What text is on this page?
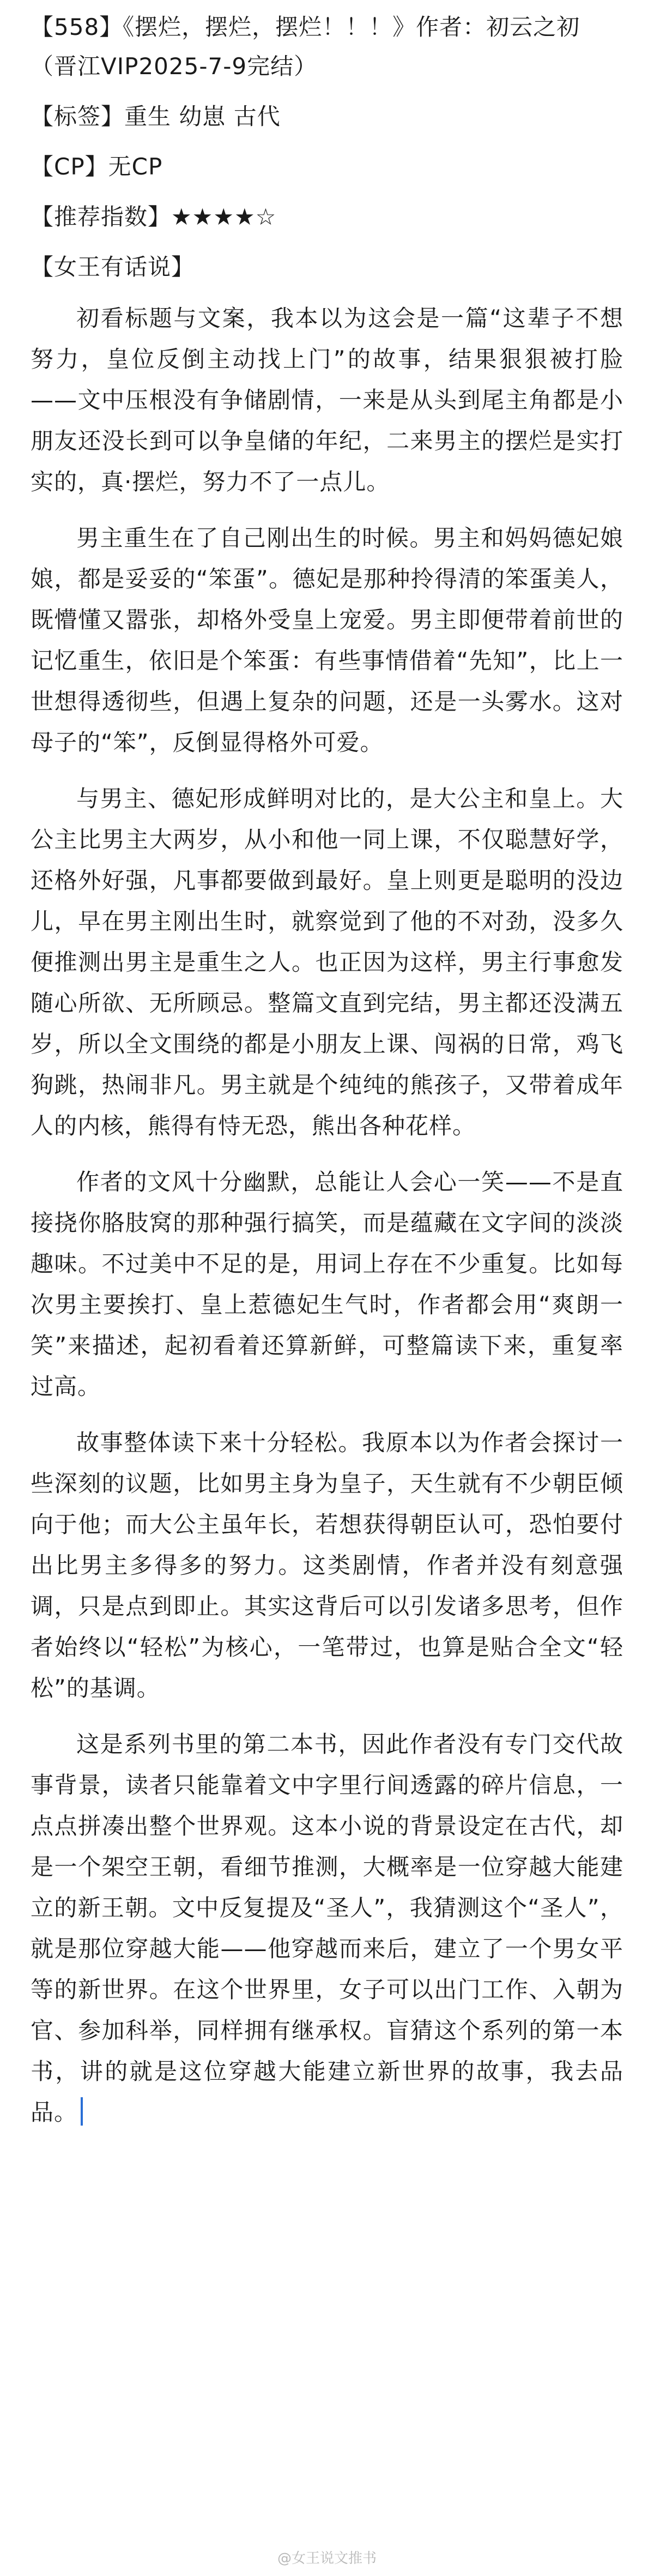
【558】《摆烂，摆烂，摆烂！！！》作者：初云之初（晋江VIP2025-7-9完结）

【标签】重生 幼崽 古代

【CP】无CP

【推荐指数】★★★★☆

【女王有话说】

初看标题与文案，我本以为这会是一篇“这辈子不想努力，皇位反倒主动找上门”的故事，结果狠狠被打脸——文中压根没有争储剧情，一来是从头到尾主角都是小朋友还没长到可以争皇储的年纪，二来男主的摆烂是实打实的，真·摆烂，努力不了一点儿。

男主重生在了自己刚出生的时候。男主和妈妈德妃娘娘，都是妥妥的“笨蛋”。德妃是那种拎得清的笨蛋美人，既懵懂又嚣张，却格外受皇上宠爱。男主即便带着前世的记忆重生，依旧是个笨蛋：有些事情借着“先知”，比上一世想得透彻些，但遇上复杂的问题，还是一头雾水。这对母子的“笨”，反倒显得格外可爱。

与男主、德妃形成鲜明对比的，是大公主和皇上。大公主比男主大两岁，从小和他一同上课，不仅聪慧好学，还格外好强，凡事都要做到最好。皇上则更是聪明的没边儿，早在男主刚出生时，就察觉到了他的不对劲，没多久便推测出男主是重生之人。也正因为这样，男主行事愈发随心所欲、无所顾忌。整篇文直到完结，男主都还没满五岁，所以全文围绕的都是小朋友上课、闯祸的日常，鸡飞狗跳，热闹非凡。男主就是个纯纯的熊孩子，又带着成年人的内核，熊得有恃无恐，熊出各种花样。

作者的文风十分幽默，总能让人会心一笑——不是直接挠你胳肢窝的那种强行搞笑，而是蕴藏在文字间的淡淡趣味。不过美中不足的是，用词上存在不少重复。比如每次男主要挨打、皇上惹德妃生气时，作者都会用“爽朗一笑”来描述，起初看着还算新鲜，可整篇读下来，重复率过高。

故事整体读下来十分轻松。我原本以为作者会探讨一些深刻的议题，比如男主身为皇子，天生就有不少朝臣倾向于他；而大公主虽年长，若想获得朝臣认可，恐怕要付出比男主多得多的努力。这类剧情，作者并没有刻意强调，只是点到即止。其实这背后可以引发诸多思考，但作者始终以“轻松”为核心，一笔带过，也算是贴合全文“轻松”的基调。

这是系列书里的第二本书，因此作者没有专门交代故事背景，读者只能靠着文中字里行间透露的碎片信息，一点点拼凑出整个世界观。这本小说的背景设定在古代，却是一个架空王朝，看细节推测，大概率是一位穿越大能建立的新王朝。文中反复提及“圣人”，我猜测这个“圣人”，就是那位穿越大能——他穿越而来后，建立了一个男女平等的新世界。在这个世界里，女子可以出门工作、入朝为官、参加科举，同样拥有继承权。盲猜这个系列的第一本书，讲的就是这位穿越大能建立新世界的故事，我去品品。

@女王说文推书
